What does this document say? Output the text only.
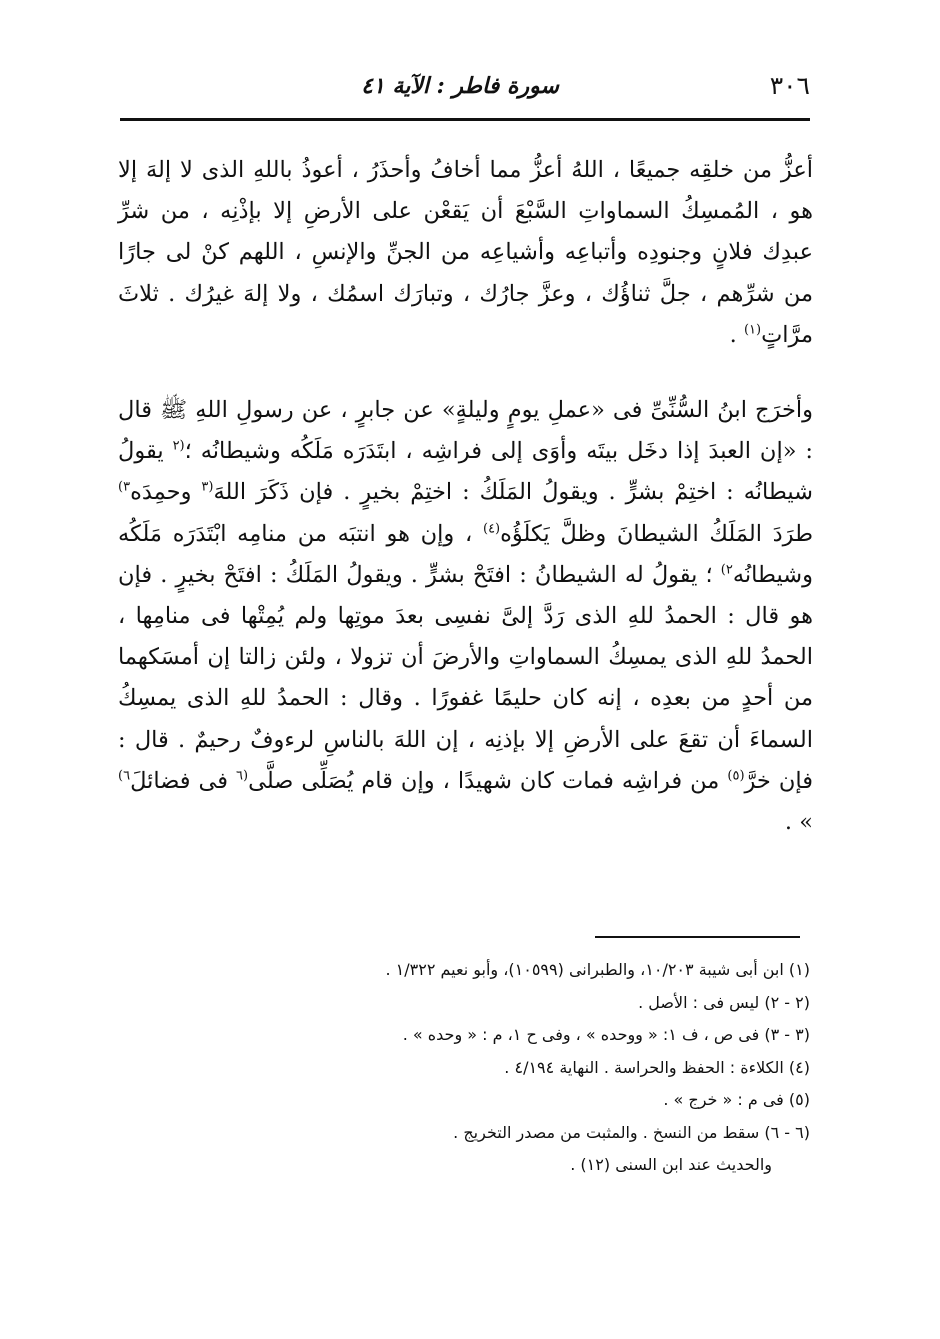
٣٠٦
سورة فاطر : الآية ٤١

أعزُّ من خلقِه جميعًا ، اللهُ أعزُّ مما أخافُ وأحذَرُ ، أعوذُ باللهِ الذى لا إلهَ إلا هو ، المُمسِكُ السماواتِ السَّبْعَ أن يَقعْن على الأرضِ إلا بإذْنِه ، من شرِّ عبدِك فلانٍ وجنودِه وأتباعِه وأشياعِه من الجنِّ والإنسِ ، اللهم كنْ لى جارًا من شرِّهم ، جلَّ ثناؤُك ، وعزَّ جارُك ، وتبارَك اسمُك ، ولا إلهَ غيرُك . ثلاثَ مرَّاتٍ$^{(١)}$ .

وأخرَج ابنُ السُّنِّىِّ فى «عملِ يومٍ وليلةٍ» عن جابرٍ ، عن رسولِ اللهِ ﷺ قال : «إن العبدَ إذا دخَل بيتَه وأوَى إلى فراشِه ، ابتَدَرَه مَلَكُه وشيطانُه ؛$^{(٢}$ يقولُ شيطانُه : اختِمْ بشرٍّ . ويقولُ المَلَكُ : اختِمْ بخيرٍ . فإن ذَكَرَ اللهَ$^{(٣}$ وحمِدَه$^{٣)}$ طرَدَ المَلَكُ الشيطانَ وظلَّ يَكلَؤُه$^{(٤)}$ ، وإن هو انتبَه من منامِه ابْتَدَرَه مَلَكُه وشيطانُه$^{٢)}$ ؛ يقولُ له الشيطانُ : افتَحْ بشرٍّ . ويقولُ المَلَكُ : افتَحْ بخيرٍ . فإن هو قال : الحمدُ للهِ الذى رَدَّ إلىَّ نفسِى بعدَ موتِها ولم يُمِتْها فى منامِها ، الحمدُ للهِ الذى يمسِكُ السماواتِ والأرضَ أن تزولا ، ولئن زالتا إن أمسَكهما من أحدٍ من بعدِه ، إنه كان حليمًا غفورًا . وقال : الحمدُ للهِ الذى يمسِكُ السماءَ أن تقعَ على الأرضِ إلا بإذنِه ، إن اللهَ بالناسِ لرءوفٌ رحيمٌ . قال : فإن خرَّ$^{(٥)}$ من فراشِه فمات كان شهيدًا ، وإن قام يُصَلِّى صلَّى$^{(٦}$ فى فضائلَ$^{٦)}$ » .

(١) ابن أبى شيبة ١٠/٢٠٣، والطبرانى (١٠٥٩٩)، وأبو نعيم ١/٣٢٢ .
(٢ - ٢) ليس فى : الأصل .
(٣ - ٣) فى ص ، ف ١: « ووحده » ، وفى ح ١، م : « وحده » .
(٤) الكلاءة : الحفظ والحراسة . النهاية ٤/١٩٤ .
(٥) فى م : « خرج » .
(٦ - ٦) سقط من النسخ . والمثبت من مصدر التخريج .
والحديث عند ابن السنى (١٢) .
